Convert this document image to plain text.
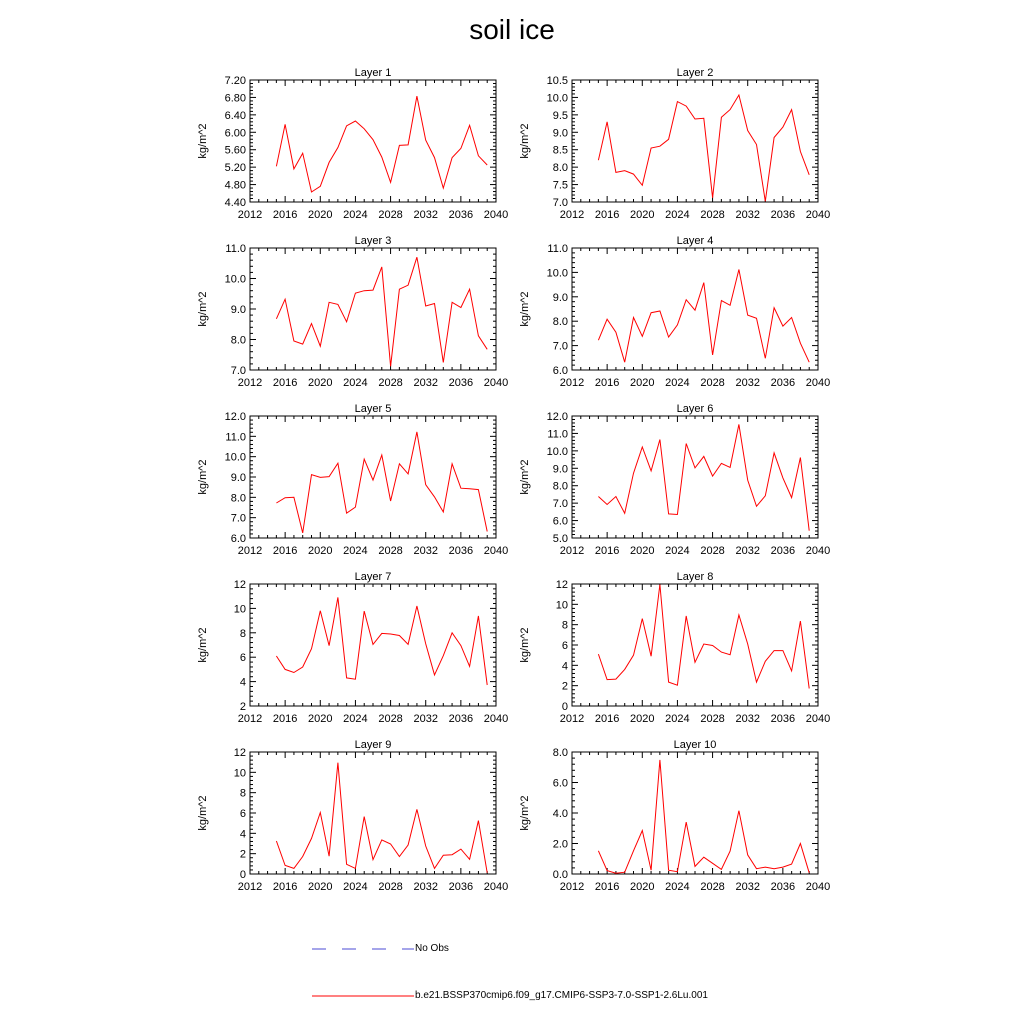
soil ice
Layer 1
kg/m^2
2012 2016 2020 2024 2028 2032 2036 2040
4.40
4.80
5.20
5.60
6.00
6.40
6.80
7.20
Layer 2
kg/m^2
2012 2016 2020 2024 2028 2032 2036 2040
7.0
7.5
8.0
8.5
9.0
9.5
10.0
10.5
Layer 3
kg/m^2
2012 2016 2020 2024 2028 2032 2036 2040
7.0
8.0
9.0
10.0
11.0
Layer 4
kg/m^2
2012 2016 2020 2024 2028 2032 2036 2040
6.0
7.0
8.0
9.0
10.0
11.0
Layer 5
kg/m^2
2012 2016 2020 2024 2028 2032 2036 2040
6.0
7.0
8.0
9.0
10.0
11.0
12.0
Layer 6
kg/m^2
2012 2016 2020 2024 2028 2032 2036 2040
5.0
6.0
7.0
8.0
9.0
10.0
11.0
12.0
Layer 7
kg/m^2
2012 2016 2020 2024 2028 2032 2036 2040
2
4
6
8
10
12
Layer 8
kg/m^2
2012 2016 2020 2024 2028 2032 2036 2040
0
2
4
6
8
10
12
Layer 9
kg/m^2
2012 2016 2020 2024 2028 2032 2036 2040
0
2
4
6
8
10
12
Layer 10
kg/m^2
2012 2016 2020 2024 2028 2032 2036 2040
0.0
2.0
4.0
6.0
8.0
No Obs
b.e21.BSSP370cmip6.f09_g17.CMIP6-SSP3-7.0-SSP1-2.6Lu.001
